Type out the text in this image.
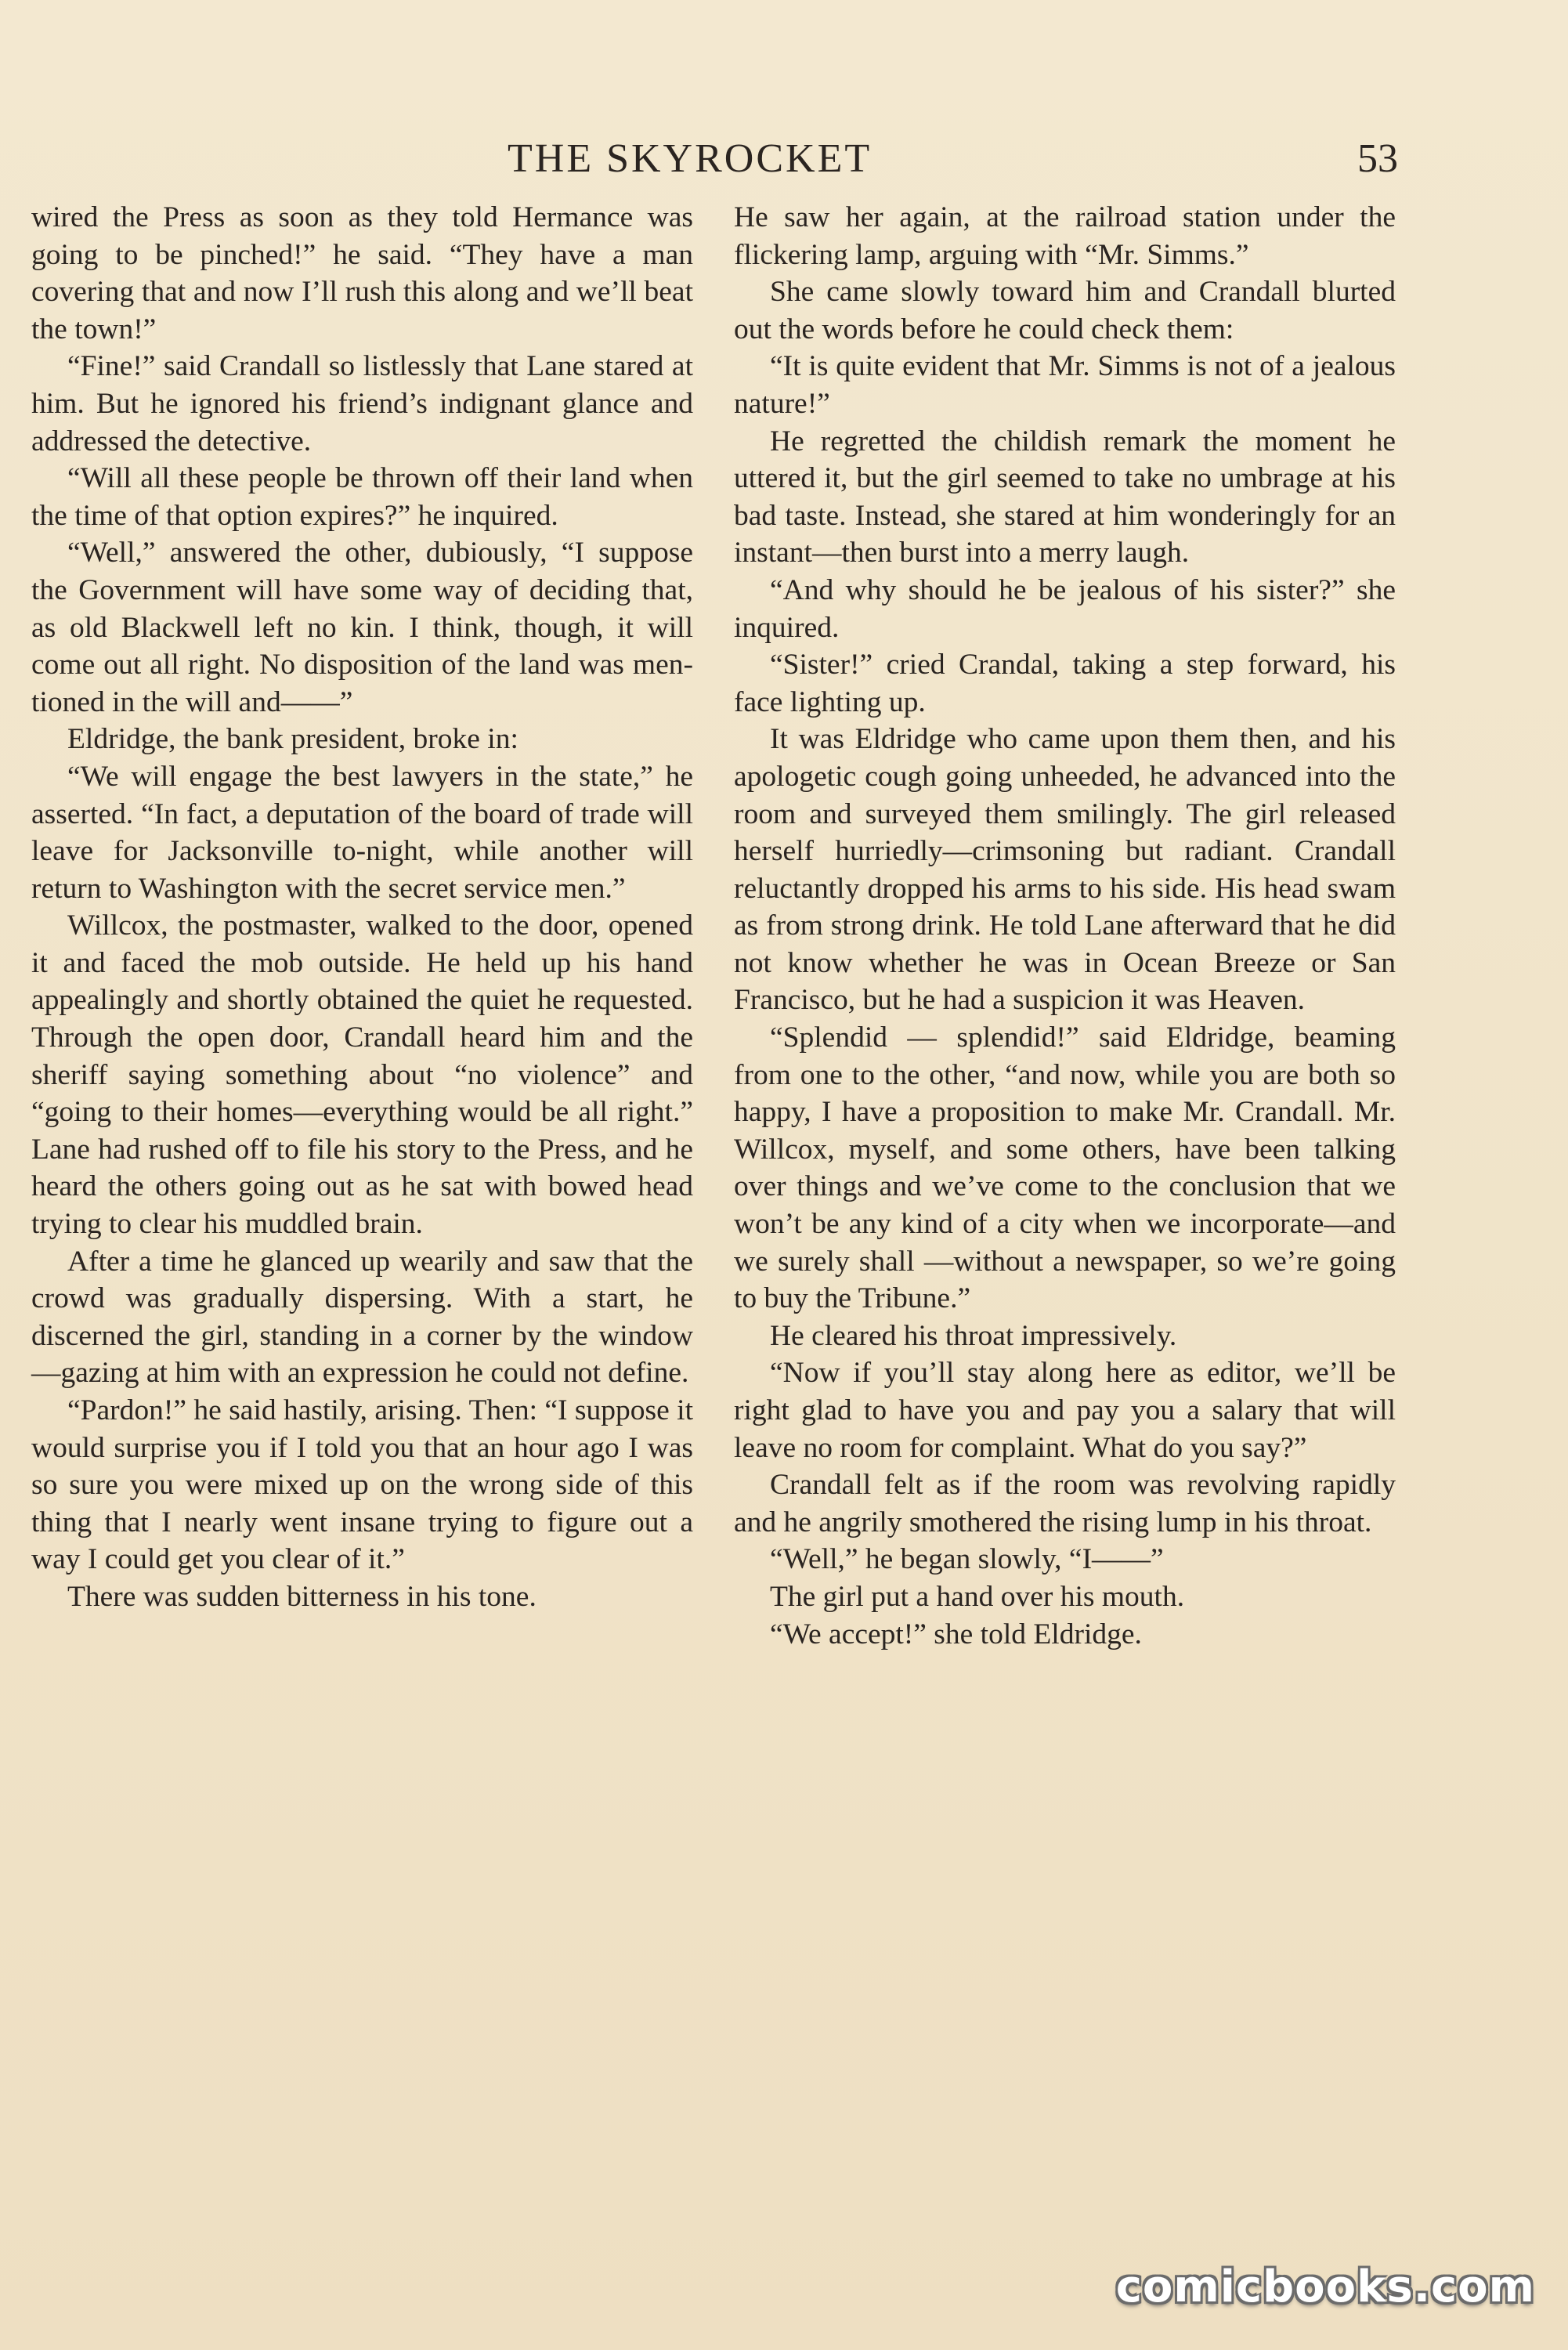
THE SKYROCKET	53

wired the Press as soon as they told Hermance was going to be pinched!” he said. “They have a man covering that and now I’ll rush this along and we’ll beat the town!”

“Fine!” said Crandall so listlessly that Lane stared at him. But he ignored his friend’s indignant glance and addressed the detective.

“Will all these people be thrown off their land when the time of that option expires?” he inquired.

“Well,” answered the other, dubiously, “I suppose the Government will have some way of deciding that, as old Blackwell left no kin. I think, though, it will come out all right. No disposition of the land was mentioned in the will and——”

Eldridge, the bank president, broke in:

“We will engage the best lawyers in the state,” he asserted. “In fact, a deputation of the board of trade will leave for Jacksonville to-night, while another will return to Washington with the secret service men.”

Willcox, the postmaster, walked to the door, opened it and faced the mob outside. He held up his hand appealingly and shortly obtained the quiet he requested. Through the open door, Crandall heard him and the sheriff saying something about “no violence” and “going to their homes—everything would be all right.” Lane had rushed off to file his story to the Press, and he heard the others going out as he sat with bowed head trying to clear his muddled brain.

After a time he glanced up wearily and saw that the crowd was gradually dispersing. With a start, he discerned the girl, standing in a corner by the window—gazing at him with an expression he could not define.

“Pardon!” he said hastily, arising. Then: “I suppose it would surprise you if I told you that an hour ago I was so sure you were mixed up on the wrong side of this thing that I nearly went insane trying to figure out a way I could get you clear of it.”

There was sudden bitterness in his tone.

He saw her again, at the railroad station under the flickering lamp, arguing with “Mr. Simms.”

She came slowly toward him and Crandall blurted out the words before he could check them:

“It is quite evident that Mr. Simms is not of a jealous nature!”

He regretted the childish remark the moment he uttered it, but the girl seemed to take no umbrage at his bad taste. Instead, she stared at him wonderingly for an instant—then burst into a merry laugh.

“And why should he be jealous of his sister?” she inquired.

“Sister!” cried Crandal, taking a step forward, his face lighting up.

It was Eldridge who came upon them then, and his apologetic cough going unheeded, he advanced into the room and surveyed them smilingly. The girl released herself hurriedly—crimsoning but radiant. Crandall reluctantly dropped his arms to his side. His head swam as from strong drink. He told Lane afterward that he did not know whether he was in Ocean Breeze or San Francisco, but he had a suspicion it was Heaven.

“Splendid — splendid!” said Eldridge, beaming from one to the other, “and now, while you are both so happy, I have a proposition to make Mr. Crandall. Mr. Willcox, myself, and some others, have been talking over things and we’ve come to the conclusion that we won’t be any kind of a city when we incorporate—and we surely shall —without a newspaper, so we’re going to buy the Tribune.”

He cleared his throat impressively.

“Now if you’ll stay along here as editor, we’ll be right glad to have you and pay you a salary that will leave no room for complaint. What do you say?”

Crandall felt as if the room was revolving rapidly and he angrily smothered the rising lump in his throat.

“Well,” he began slowly, “I——”

The girl put a hand over his mouth.

“We accept!” she told Eldridge.

comicbooks.com
